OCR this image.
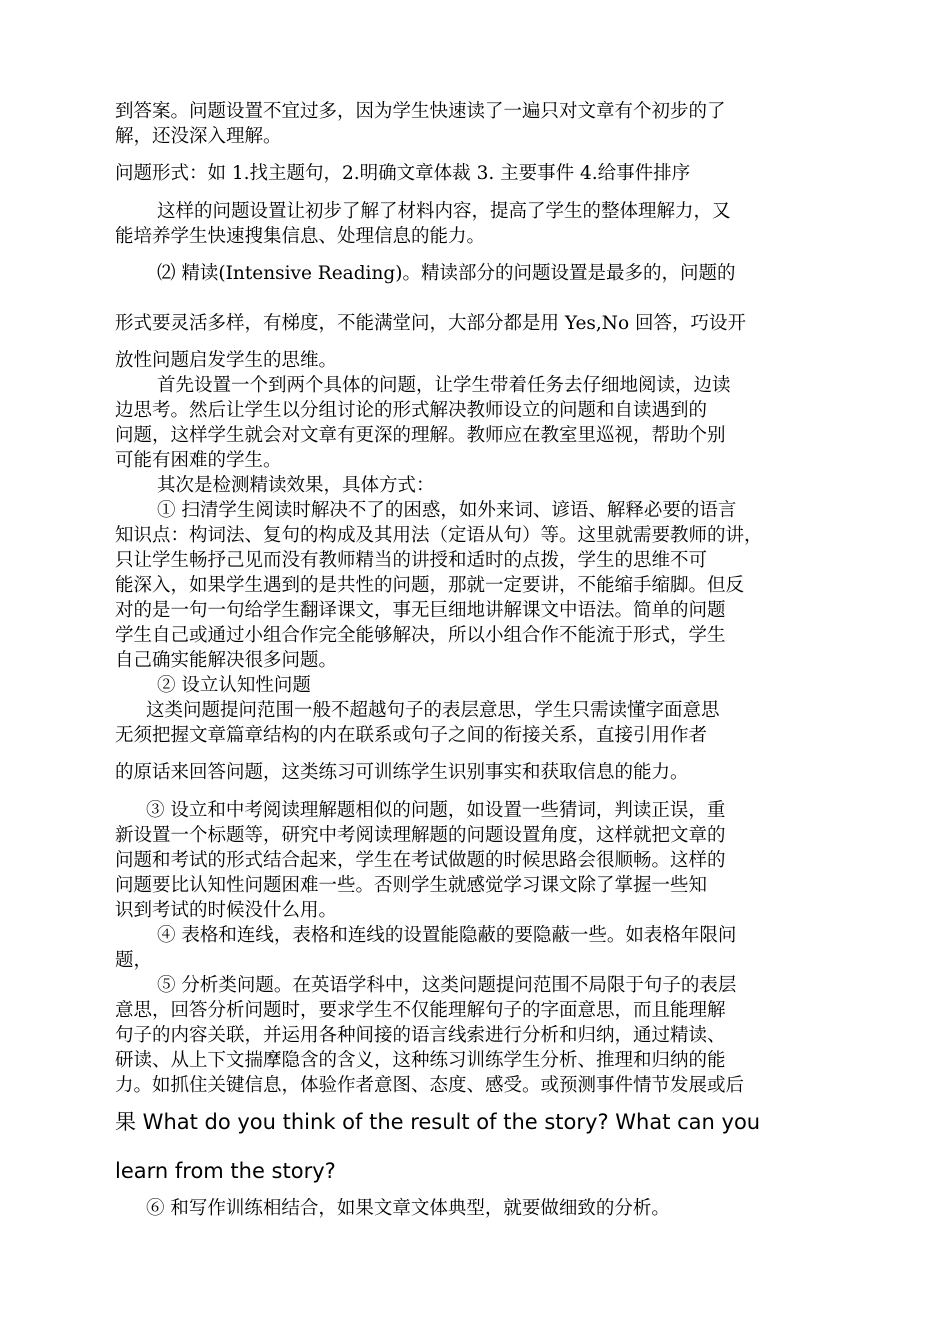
到答案。问题设置不宜过多，因为学生快速读了一遍只对文章有个初步的了
解，还没深入理解。
问题形式：如 1.找主题句，2.明确文章体裁 3. 主要事件 4.给事件排序
这样的问题设置让初步了解了材料内容，提高了学生的整体理解力，又
能培养学生快速搜集信息、处理信息的能力。
⑵ 精读(Intensive Reading)。精读部分的问题设置是最多的，问题的
形式要灵活多样，有梯度，不能满堂问，大部分都是用 Yes,No 回答，巧设开
放性问题启发学生的思维。
首先设置一个到两个具体的问题，让学生带着任务去仔细地阅读，边读
边思考。然后让学生以分组讨论的形式解决教师设立的问题和自读遇到的
问题，这样学生就会对文章有更深的理解。教师应在教室里巡视，帮助个别
可能有困难的学生。
其次是检测精读效果，具体方式：
① 扫清学生阅读时解决不了的困惑，如外来词、谚语、解释必要的语言
知识点：构词法、复句的构成及其用法（定语从句）等。这里就需要教师的讲，
只让学生畅抒己见而没有教师精当的讲授和适时的点拨，学生的思维不可
能深入，如果学生遇到的是共性的问题，那就一定要讲，不能缩手缩脚。但反
对的是一句一句给学生翻译课文，事无巨细地讲解课文中语法。简单的问题
学生自己或通过小组合作完全能够解决，所以小组合作不能流于形式，学生
自己确实能解决很多问题。
② 设立认知性问题
这类问题提问范围一般不超越句子的表层意思，学生只需读懂字面意思
无须把握文章篇章结构的内在联系或句子之间的衔接关系，直接引用作者
的原话来回答问题，这类练习可训练学生识别事实和获取信息的能力。
③ 设立和中考阅读理解题相似的问题，如设置一些猜词，判读正误，重
新设置一个标题等，研究中考阅读理解题的问题设置角度，这样就把文章的
问题和考试的形式结合起来，学生在考试做题的时候思路会很顺畅。这样的
问题要比认知性问题困难一些。否则学生就感觉学习课文除了掌握一些知
识到考试的时候没什么用。
④ 表格和连线，表格和连线的设置能隐蔽的要隐蔽一些。如表格年限问
题，
⑤ 分析类问题。在英语学科中，这类问题提问范围不局限于句子的表层
意思，回答分析问题时，要求学生不仅能理解句子的字面意思，而且能理解
句子的内容关联，并运用各种间接的语言线索进行分析和归纳，通过精读、
研读、从上下文揣摩隐含的含义，这种练习训练学生分析、推理和归纳的能
力。如抓住关键信息，体验作者意图、态度、感受。或预测事件情节发展或后
果 What do you think of the result of the story? What can you
learn from the story?
⑥ 和写作训练相结合，如果文章文体典型，就要做细致的分析。
